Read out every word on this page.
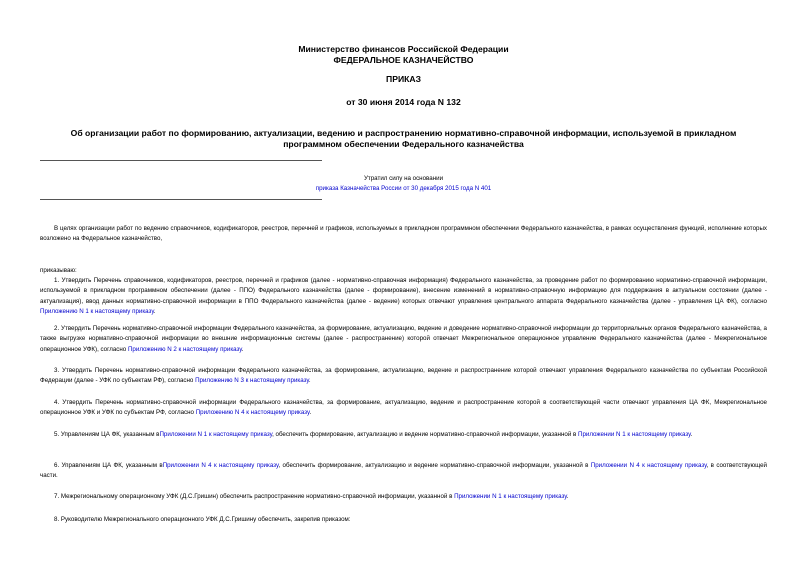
Министерство финансов Российской Федерации
ФЕДЕРАЛЬНОЕ КАЗНАЧЕЙСТВО
ПРИКАЗ
от 30 июня 2014 года N 132
Об организации работ по формированию, актуализации, ведению и распространению нормативно-справочной информации, используемой в прикладном программном обеспечении Федерального казначейства
Утратил силу на основании
приказа Казначейства России от 30 декабря 2015 года N 401
В целях организации работ по ведению справочников, кодификаторов, реестров, перечней и графиков, используемых в прикладном программном обеспечении Федерального казначейства, в рамках осуществления функций, исполнение которых возложено на Федеральное казначейство,
приказываю:
1. Утвердить Перечень справочников, кодификаторов, реестров, перечней и графиков (далее - нормативно-справочная информация) Федерального казначейства, за проведение работ по формированию нормативно-справочной информации, используемой в прикладном программном обеспечении (далее - ППО) Федерального казначейства (далее - формирование), внесение изменений в нормативно-справочную информацию для поддержания в актуальном состоянии (далее - актуализация), ввод данных нормативно-справочной информации в ППО Федерального казначейства (далее - ведение) которых отвечают управления центрального аппарата Федерального казначейства (далее - управления ЦА ФК), согласно Приложению N 1 к настоящему приказу.
2. Утвердить Перечень нормативно-справочной информации Федерального казначейства, за формирование, актуализацию, ведение и доведение нормативно-справочной информации до территориальных органов Федерального казначейства, а также выгрузке нормативно-справочной информации во внешние информационные системы (далее - распространение) которой отвечает Межрегиональное операционное управление Федерального казначейства (далее - Межрегиональное операционное УФК), согласно Приложению N 2 к настоящему приказу.
3. Утвердить Перечень нормативно-справочной информации Федерального казначейства, за формирование, актуализацию, ведение и распространение которой отвечают управления Федерального казначейства по субъектам Российской Федерации (далее - УФК по субъектам РФ), согласно Приложению N 3 к настоящему приказу.
4. Утвердить Перечень нормативно-справочной информации Федерального казначейства, за формирование, актуализацию, ведение и распространение которой в соответствующей части отвечают управления ЦА ФК, Межрегиональное операционное УФК и УФК по субъектам РФ, согласно Приложению N 4 к настоящему приказу.
5. Управлениям ЦА ФК, указанным вПриложении N 1 к настоящему приказу, обеспечить формирование, актуализацию и ведение нормативно-справочной информации, указанной в Приложении N 1 к настоящему приказу.
6. Управлениям ЦА ФК, указанным вПриложении N 4 к настоящему приказу, обеспечить формирование, актуализацию и ведение нормативно-справочной информации, указанной в Приложении N 4 к настоящему приказу, в соответствующей части.
7. Межрегиональному операционному УФК (Д.С.Гришин) обеспечить распространение нормативно-справочной информации, указанной в Приложении N 1 к настоящему приказу.
8. Руководителю Межрегионального операционного УФК Д.С.Гришину обеспечить, закрепив приказом:
